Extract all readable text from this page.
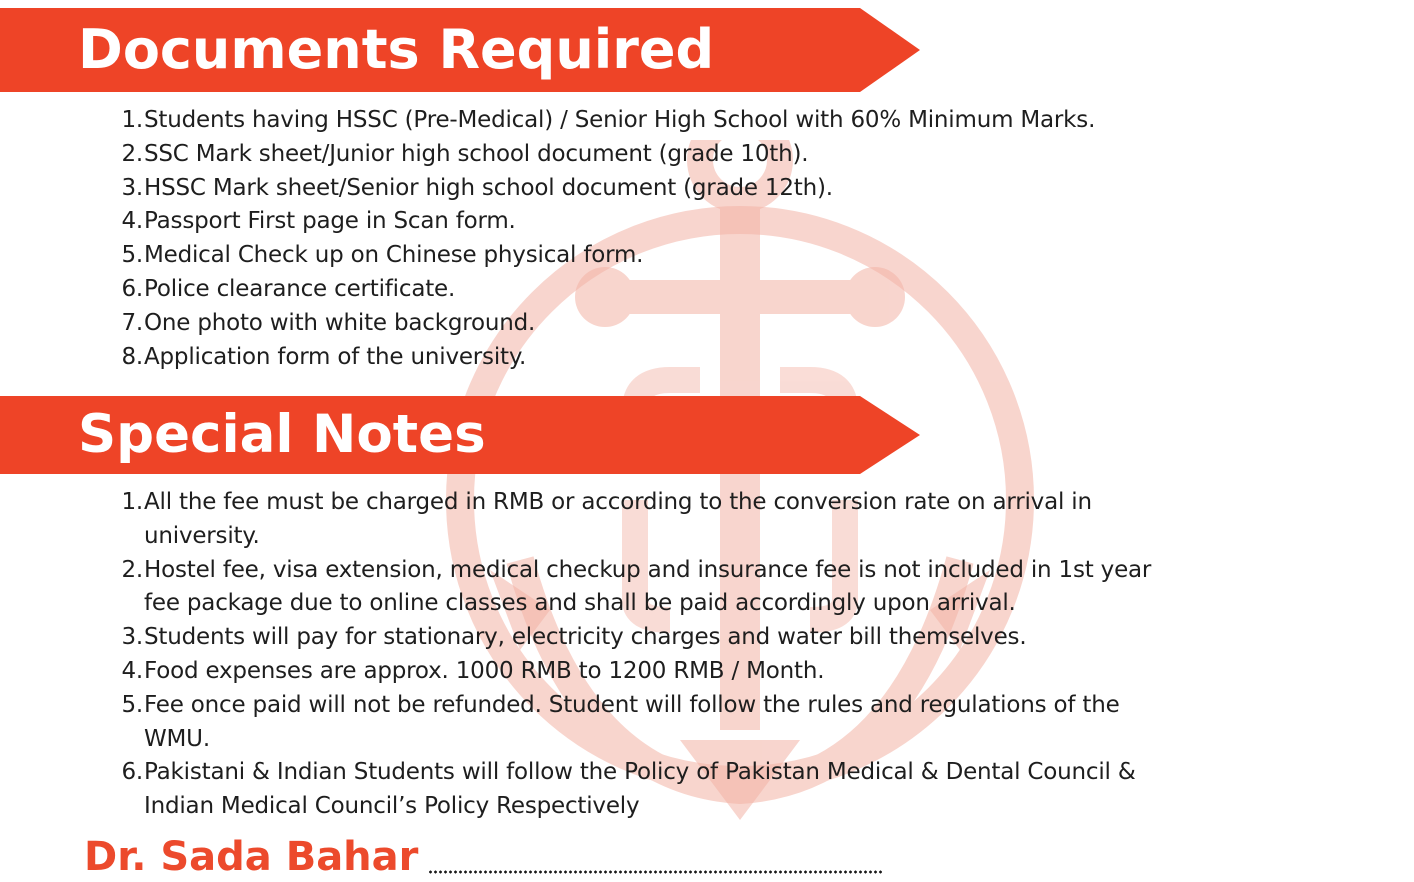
Documents Required
1. Students having HSSC (Pre-Medical) / Senior High School with 60% Minimum Marks.
2. SSC Mark sheet/Junior high school document (grade 10th).
3. HSSC Mark sheet/Senior high school document (grade 12th).
4. Passport First page in Scan form.
5. Medical Check up on Chinese physical form.
6. Police clearance certificate.
7. One photo with white background.
8. Application form of the university.
Special Notes
1. All the fee must be charged in RMB or according to the conversion rate on arrival in university.
2. Hostel fee, visa extension, medical checkup and insurance fee is not included in 1st year fee package due to online classes and shall be paid accordingly upon arrival.
3. Students will pay for stationary, electricity charges and water bill themselves.
4. Food expenses are approx. 1000 RMB to 1200 RMB / Month.
5. Fee once paid will not be refunded. Student will follow the rules and regulations of the WMU.
6. Pakistani & Indian Students will follow the Policy of Pakistan Medical & Dental Council & Indian Medical Council’s Policy Respectively
Dr. Sada Bahar
